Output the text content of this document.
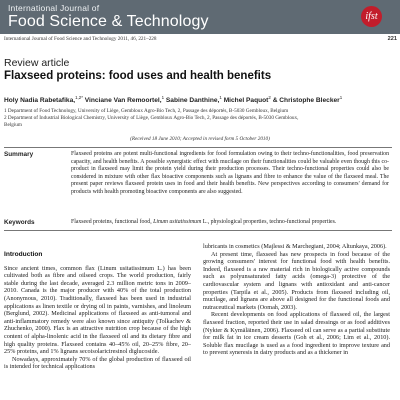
International Journal of
Food Science & Technology	ifst
International Journal of Food Science and Technology 2011, 46, 221–228	221
Review article
Flaxseed proteins: food uses and health benefits
Holy Nadia Rabetafika,$^{1,2*}$ Vinciane Van Remoortel,$^1$ Sabine Danthine,$^1$ Michel Paquot$^2$ & Christophe Blecker$^1$
1 Department of Food Technology, University of Liège, Gembloux Agro-Bio Tech, 2, Passage des déportés, B-5030 Gembloux, Belgium
2 Department of Industrial Biological Chemistry, University of Liège, Gembloux Agro-Bio Tech, 2, Passage des déportés, B-5030 Gembloux,
Belgium
(Received 18 June 2010; Accepted in revised form 5 October 2010)
Summary	Flaxseed proteins are potent multi-functional ingredients for food formulation owing to their techno-functionalities, food preservation capacity, and health benefits. A possible synergistic effect with mucilage on their functionalities could be valuable even though this co-product in flaxseed may limit the protein yield during their production processes. Their techno-functional properties could also be considered in mixture with other flax bioactive components such as lignans and fibre to enhance the value of the flaxseed meal. The present paper reviews flaxseed protein uses in food and their health benefits. New perspectives according to consumers' demand for products with health promoting bioactive components are also suggested.

Keywords	Flaxseed proteins, functional food, Linum usitatissimum L., physiological properties, techno-functional properties.

Introduction

Since ancient times, common flax (Linum usitatissimum L.) has been cultivated both as fibre and oilseed crops. The world production, fairly stable during the last decade, averaged 2.3 million metric tons in 2009–2010. Canada is the major producer with 40% of the total production (Anonymous, 2010). Traditionally, flaxseed has been used in industrial applications as linen textile or drying oil in paints, varnishes, and linoleum (Berglund, 2002). Medicinal applications of flaxseed as anti-tumoral and anti-inflammatory remedy were also known since antiquity (Tolkachev & Zhuchenko, 2000). Flax is an attractive nutrition crop because of the high content of alpha-linolenic acid in the flaxseed oil and its dietary fibre and high quality proteins. Flaxseed contains 40–45% oil, 20–25% fibre, 20–25% proteins, and 1% lignans secoisolariciresinol diglucoside.

Nowadays, approximately 70% of the global production of flaxseed oil is intended for technical applications

lubricants in cosmetics (Majlessi & Marchegiani, 2004; Altunkaya, 2006).

At present time, flaxseed has new prospects in food because of the growing consumers' interest for functional food with health benefits. Indeed, flaxseed is a raw material rich in biologically active compounds such as polyunsaturated fatty acids (omega-3) protective of the cardiovascular system and lignans with antioxidant and anti-cancer properties (Tarpila et al., 2005). Products from flaxseed including oil, mucilage, and lignans are above all designed for the functional foods and nutraceutical markets (Oomah, 2003).

Recent developments on food applications of flaxseed oil, the largest flaxseed fraction, reported their use in salad dressings or as food additives (Nykter & Kymäläinen, 2006). Flaxseed oil can serve as a partial substitute for milk fat in ice cream desserts (Goh et al., 2006; Lim et al., 2010). Soluble flax mucilage is used as a food ingredient to improve texture and to prevent syneresis in dairy products and as a thickener in
